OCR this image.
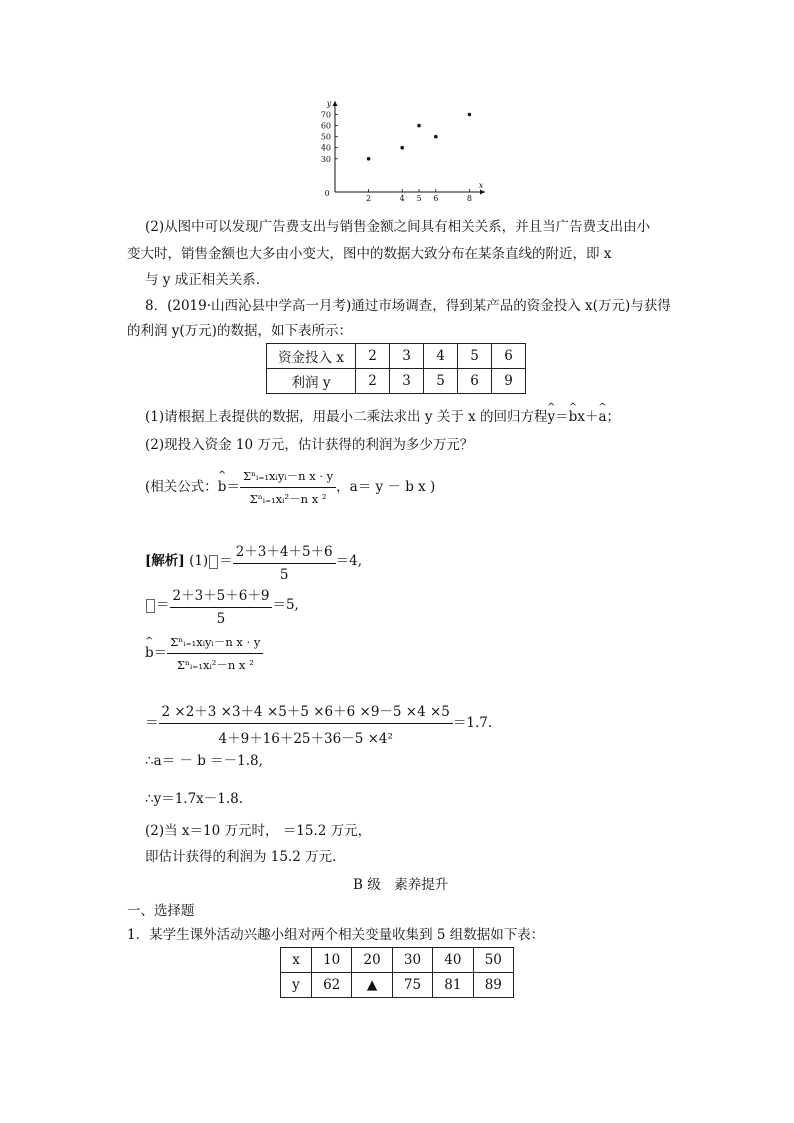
x
y
0
30
40
50
60
70
2	4 5 6	8
(2)从图中可以发现广告费支出与销售金额之间具有相关关系，并且当广告费支出由小
变大时，销售金额也大多由小变大，图中的数据大致分布在某条直线的附近，即 x
与 y 成正相关关系.
8．(2019·山西沁县中学高一月考)通过市场调查，得到某产品的资金投入 x(万元)与获得
的利润 y(万元)的数据，如下表所示：
资金投入 x	2	3	4	5	6
利润 y	2	3	5	6	9
(1)请根据上表提供的数据，用最小二乘法求出 y 关于 x 的回归方程^ y＝^ bx＋^ a；
(2)现投入资金 10 万元，估计获得的利润为多少万元？
(相关公式：^ $b= \frac{\text{Σⁿᵢ₌₁xᵢyᵢ－n x · y}}{\text{Σⁿᵢ₌₁xᵢ²－n x ²}}$ ，a＝ y － b x )
[解析] $(1) = \frac{2+3+4+5+6}{5} =4$,
＝ $\frac{2+3+5+6+9}{5} =5$,
^ $b= \frac{\text{Σⁿᵢ₌₁xᵢyᵢ－n x · y}}{\text{Σⁿᵢ₌₁xᵢ²－n x ²}}$
＝ $\frac{2 \times 2+3 \times 3+4 \times 5+5 \times 6+6 \times 9-5 \times 4 \times 5}{\text{4＋9＋16＋25＋36－5 ×4²}} =1.7$.
∴a＝ － b ＝－1.8,
∴y＝1.7x－1.8.
(2)当 x＝10 万元时， ＝15.2 万元，
即估计获得的利润为 15.2 万元.
B 级　素养提升
一、选择题
1．某学生课外活动兴趣小组对两个相关变量收集到 5 组数据如下表：
x	10	20	30	40	50
y	62	▲	75	81	89
